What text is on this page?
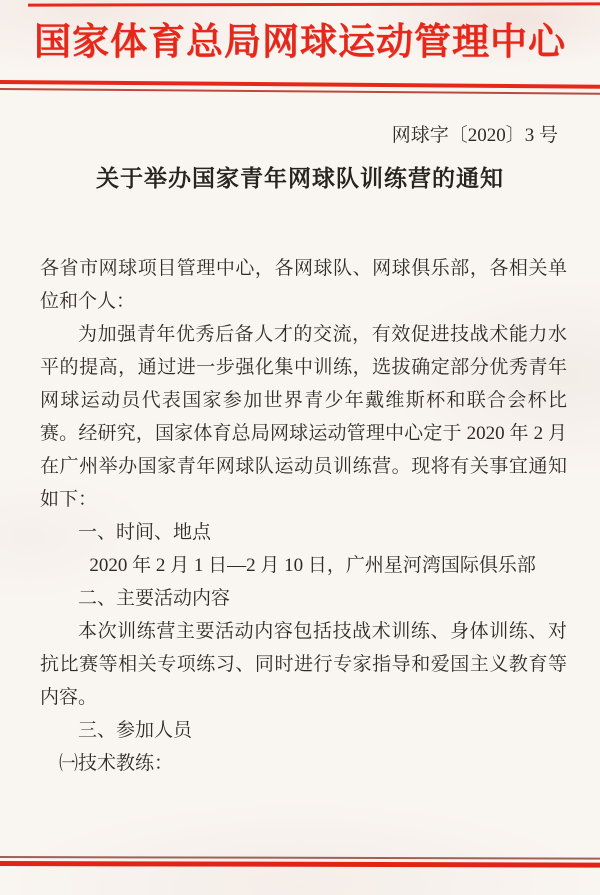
国家体育总局网球运动管理中心
网球字〔2020〕3 号
关于举办国家青年网球队训练营的通知

各省市网球项目管理中心，各网球队、网球俱乐部，各相关单位和个人：

为加强青年优秀后备人才的交流，有效促进技战术能力水平的提高，通过进一步强化集中训练，选拔确定部分优秀青年网球运动员代表国家参加世界青少年戴维斯杯和联合会杯比赛。经研究，国家体育总局网球运动管理中心定于 2020 年 2 月在广州举办国家青年网球队运动员训练营。现将有关事宜通知如下：

一、时间、地点

2020 年 2 月 1 日—2 月 10 日，广州星河湾国际俱乐部

二、主要活动内容

本次训练营主要活动内容包括技战术训练、身体训练、对抗比赛等相关专项练习、同时进行专家指导和爱国主义教育等内容。

三、参加人员

㈠技术教练：
